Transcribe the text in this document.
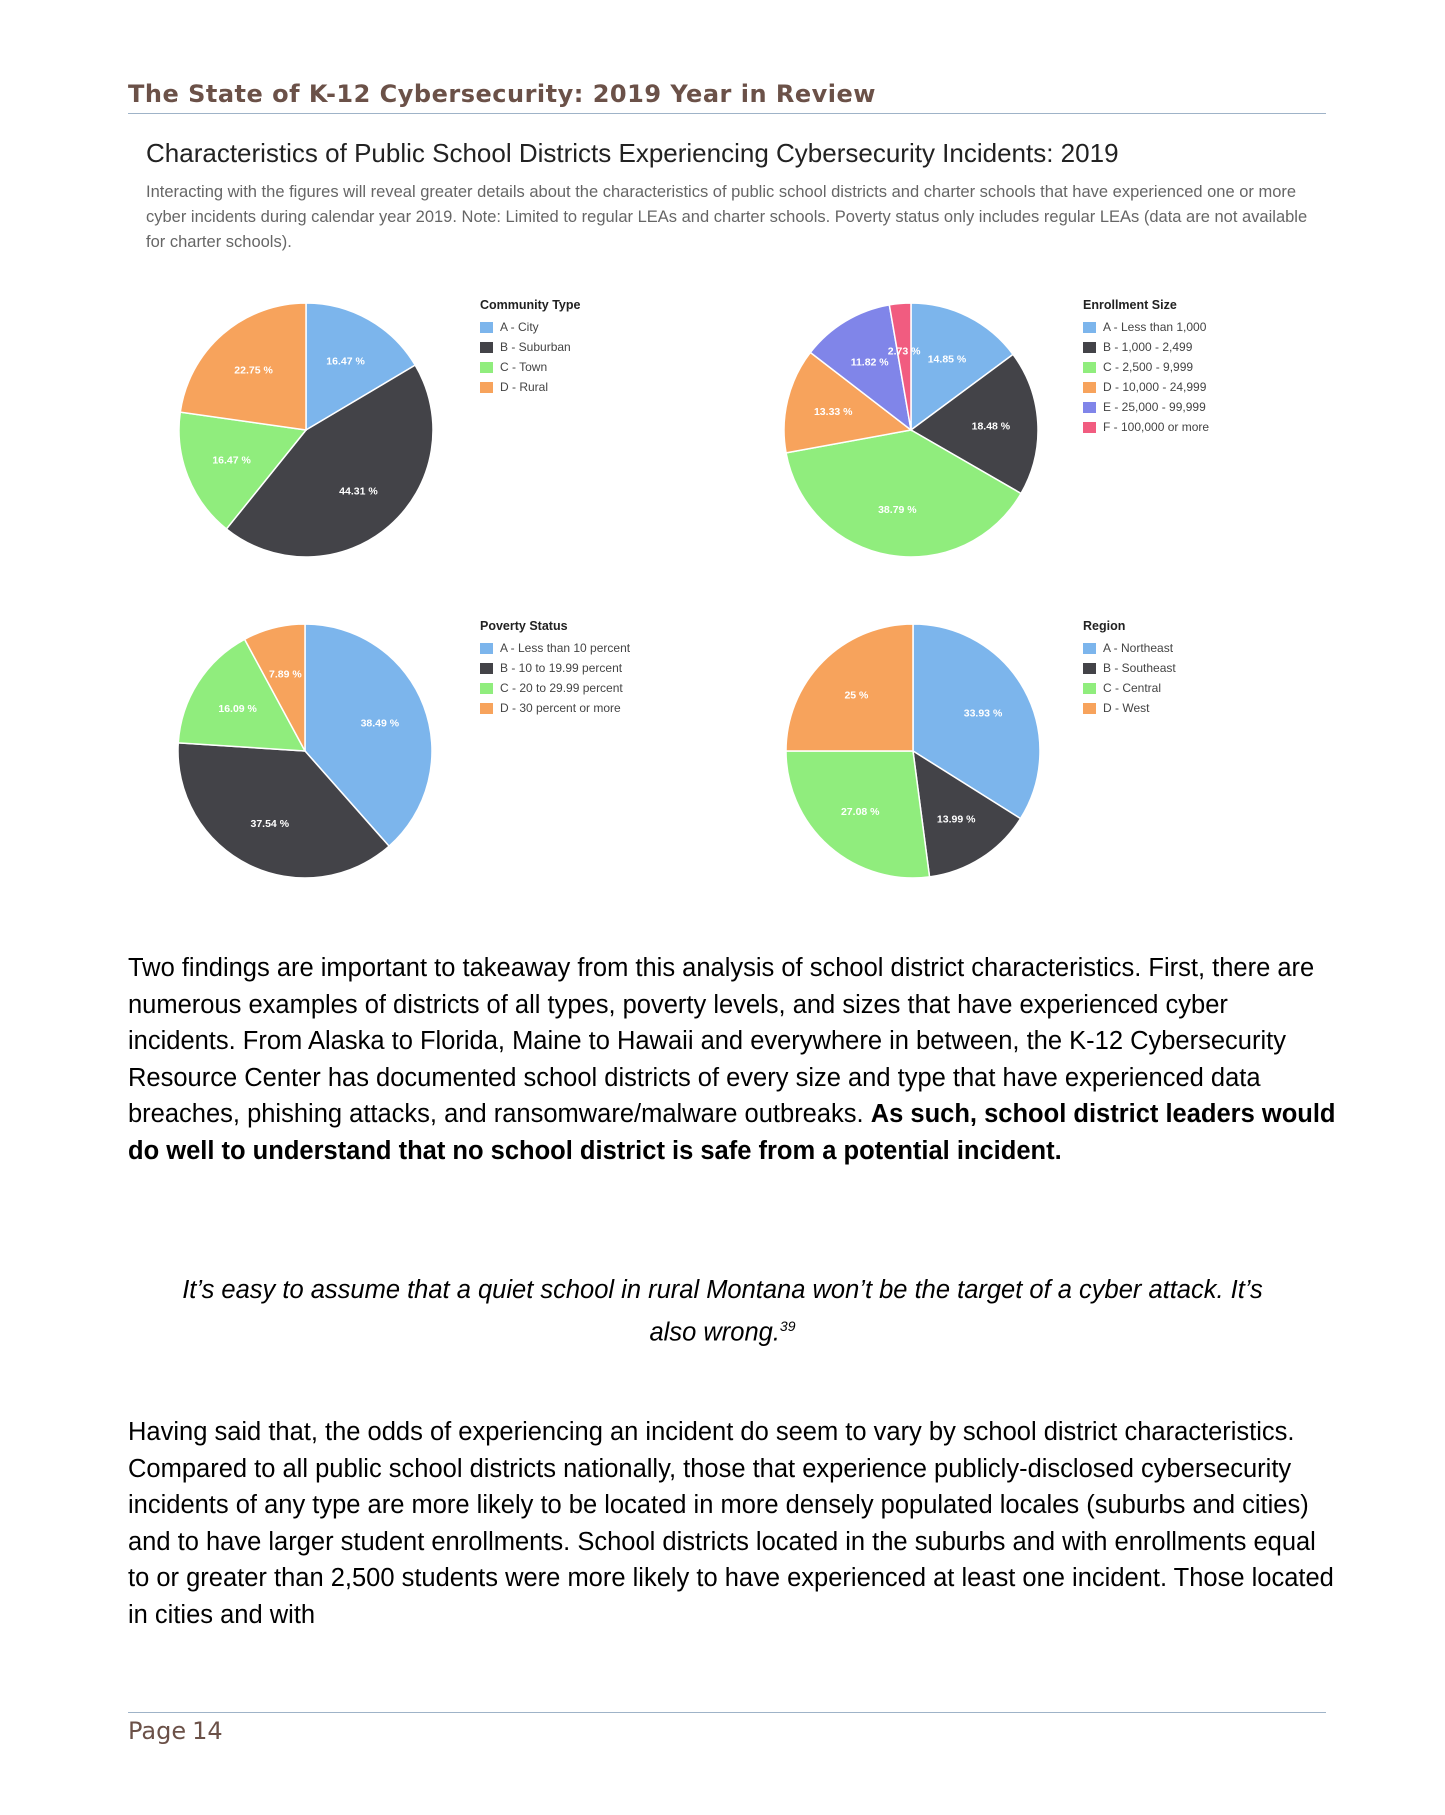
The State of K-12 Cybersecurity: 2019 Year in Review
Characteristics of Public School Districts Experiencing Cybersecurity Incidents: 2019
Interacting with the figures will reveal greater details about the characteristics of public school districts and charter schools that have experienced one or more cyber incidents during calendar year 2019. Note: Limited to regular LEAs and charter schools. Poverty status only includes regular LEAs (data are not available for charter schools).
16.47 %
44.31 %
16.47 %
22.75 %
Community Type
A - City
B - Suburban
C - Town
D - Rural
14.85 %
18.48 %
38.79 %
13.33 %
11.82 %
2.73 %
Enrollment Size
A - Less than 1,000
B - 1,000 - 2,499
C - 2,500 - 9,999
D - 10,000 - 24,999
E - 25,000 - 99,999
F - 100,000 or more
38.49 %
37.54 %
16.09 %
7.89 %
Poverty Status
A - Less than 10 percent
B - 10 to 19.99 percent
C - 20 to 29.99 percent
D - 30 percent or more	33.93 %
13.99 %
27.08 %
25 %
Region
A - Northeast
B - Southeast
C - Central
D - West
Two findings are important to takeaway from this analysis of school district characteristics. First, there are numerous examples of districts of all types, poverty levels, and sizes that have experienced cyber incidents. From Alaska to Florida, Maine to Hawaii and everywhere in between, the K-12 Cybersecurity Resource Center has documented school districts of every size and type that have experienced data breaches, phishing attacks, and ransomware/malware outbreaks. As such, school district leaders would do well to understand that no school district is safe from a potential incident.
It’s easy to assume that a quiet school in rural Montana won’t be the target of a cyber attack. It’s also wrong.$^{39}$
Having said that, the odds of experiencing an incident do seem to vary by school district characteristics. Compared to all public school districts nationally, those that experience publicly-disclosed cybersecurity incidents of any type are more likely to be located in more densely populated locales (suburbs and cities) and to have larger student enrollments. School districts located in the suburbs and with enrollments equal to or greater than 2,500 students were more likely to have experienced at least one incident. Those located in cities and with
Page 14
